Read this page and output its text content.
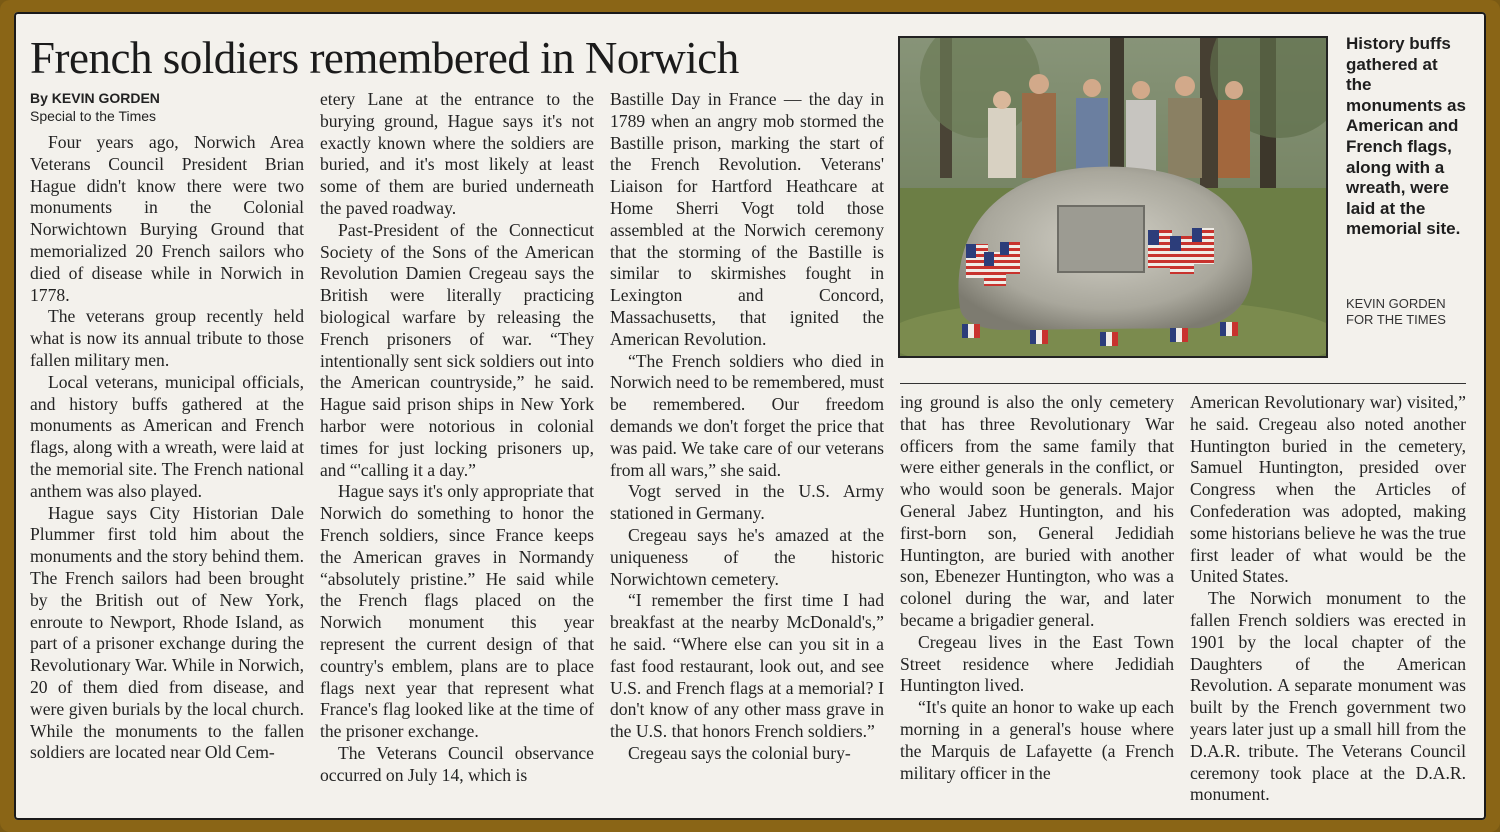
French soldiers remembered in Norwich
By KEVIN GORDEN
Special to the Times

Four years ago, Norwich Area Veterans Council President Brian Hague didn't know there were two monuments in the Colonial Norwichtown Burying Ground that memorialized 20 French sailors who died of disease while in Norwich in 1778.

The veterans group recently held what is now its annual tribute to those fallen military men.

Local veterans, municipal officials, and history buffs gathered at the monuments as American and French flags, along with a wreath, were laid at the memorial site. The French national anthem was also played.

Hague says City Historian Dale Plummer first told him about the monuments and the story behind them. The French sailors had been brought by the British out of New York, enroute to Newport, Rhode Island, as part of a prisoner exchange during the Revolutionary War. While in Norwich, 20 of them died from disease, and were given burials by the local church. While the monuments to the fallen soldiers are located near Old Cem-

etery Lane at the entrance to the burying ground, Hague says it's not exactly known where the soldiers are buried, and it's most likely at least some of them are buried underneath the paved roadway.

Past-President of the Connecticut Society of the Sons of the American Revolution Damien Cregeau says the British were literally practicing biological warfare by releasing the French prisoners of war. “They intentionally sent sick soldiers out into the American countryside,” he said. Hague said prison ships in New York harbor were notorious in colonial times for just locking prisoners up, and “'calling it a day.”

Hague says it's only appropriate that Norwich do something to honor the French soldiers, since France keeps the American graves in Normandy “absolutely pristine.” He said while the French flags placed on the Norwich monument this year represent the current design of that country's emblem, plans are to place flags next year that represent what France's flag looked like at the time of the prisoner exchange.

The Veterans Council observance occurred on July 14, which is

Bastille Day in France — the day in 1789 when an angry mob stormed the Bastille prison, marking the start of the French Revolution. Veterans' Liaison for Hartford Heathcare at Home Sherri Vogt told those assembled at the Norwich ceremony that the storming of the Bastille is similar to skirmishes fought in Lexington and Concord, Massachusetts, that ignited the American Revolution.

“The French soldiers who died in Norwich need to be remembered, must be remembered. Our freedom demands we don't forget the price that was paid. We take care of our veterans from all wars,” she said.

Vogt served in the U.S. Army stationed in Germany.

Cregeau says he's amazed at the uniqueness of the historic Norwichtown cemetery.

“I remember the first time I had breakfast at the nearby McDonald's,” he said. “Where else can you sit in a fast food restaurant, look out, and see U.S. and French flags at a memorial? I don't know of any other mass grave in the U.S. that honors French soldiers.”

Cregeau says the colonial bury-

History buffs gathered at the monuments as American and French flags, along with a wreath, were laid at the memorial site.
KEVIN GORDEN FOR THE TIMES

ing ground is also the only cemetery that has three Revolutionary War officers from the same family that were either generals in the conflict, or who would soon be generals. Major General Jabez Huntington, and his first-born son, General Jedidiah Huntington, are buried with another son, Ebenezer Huntington, who was a colonel during the war, and later became a brigadier general.

Cregeau lives in the East Town Street residence where Jedidiah Huntington lived.

“It's quite an honor to wake up each morning in a general's house where the Marquis de Lafayette (a French military officer in the

American Revolutionary war) visited,” he said. Cregeau also noted another Huntington buried in the cemetery, Samuel Huntington, presided over Congress when the Articles of Confederation was adopted, making some historians believe he was the true first leader of what would be the United States.

The Norwich monument to the fallen French soldiers was erected in 1901 by the local chapter of the Daughters of the American Revolution. A separate monument was built by the French government two years later just up a small hill from the D.A.R. tribute. The Veterans Council ceremony took place at the D.A.R. monument.
